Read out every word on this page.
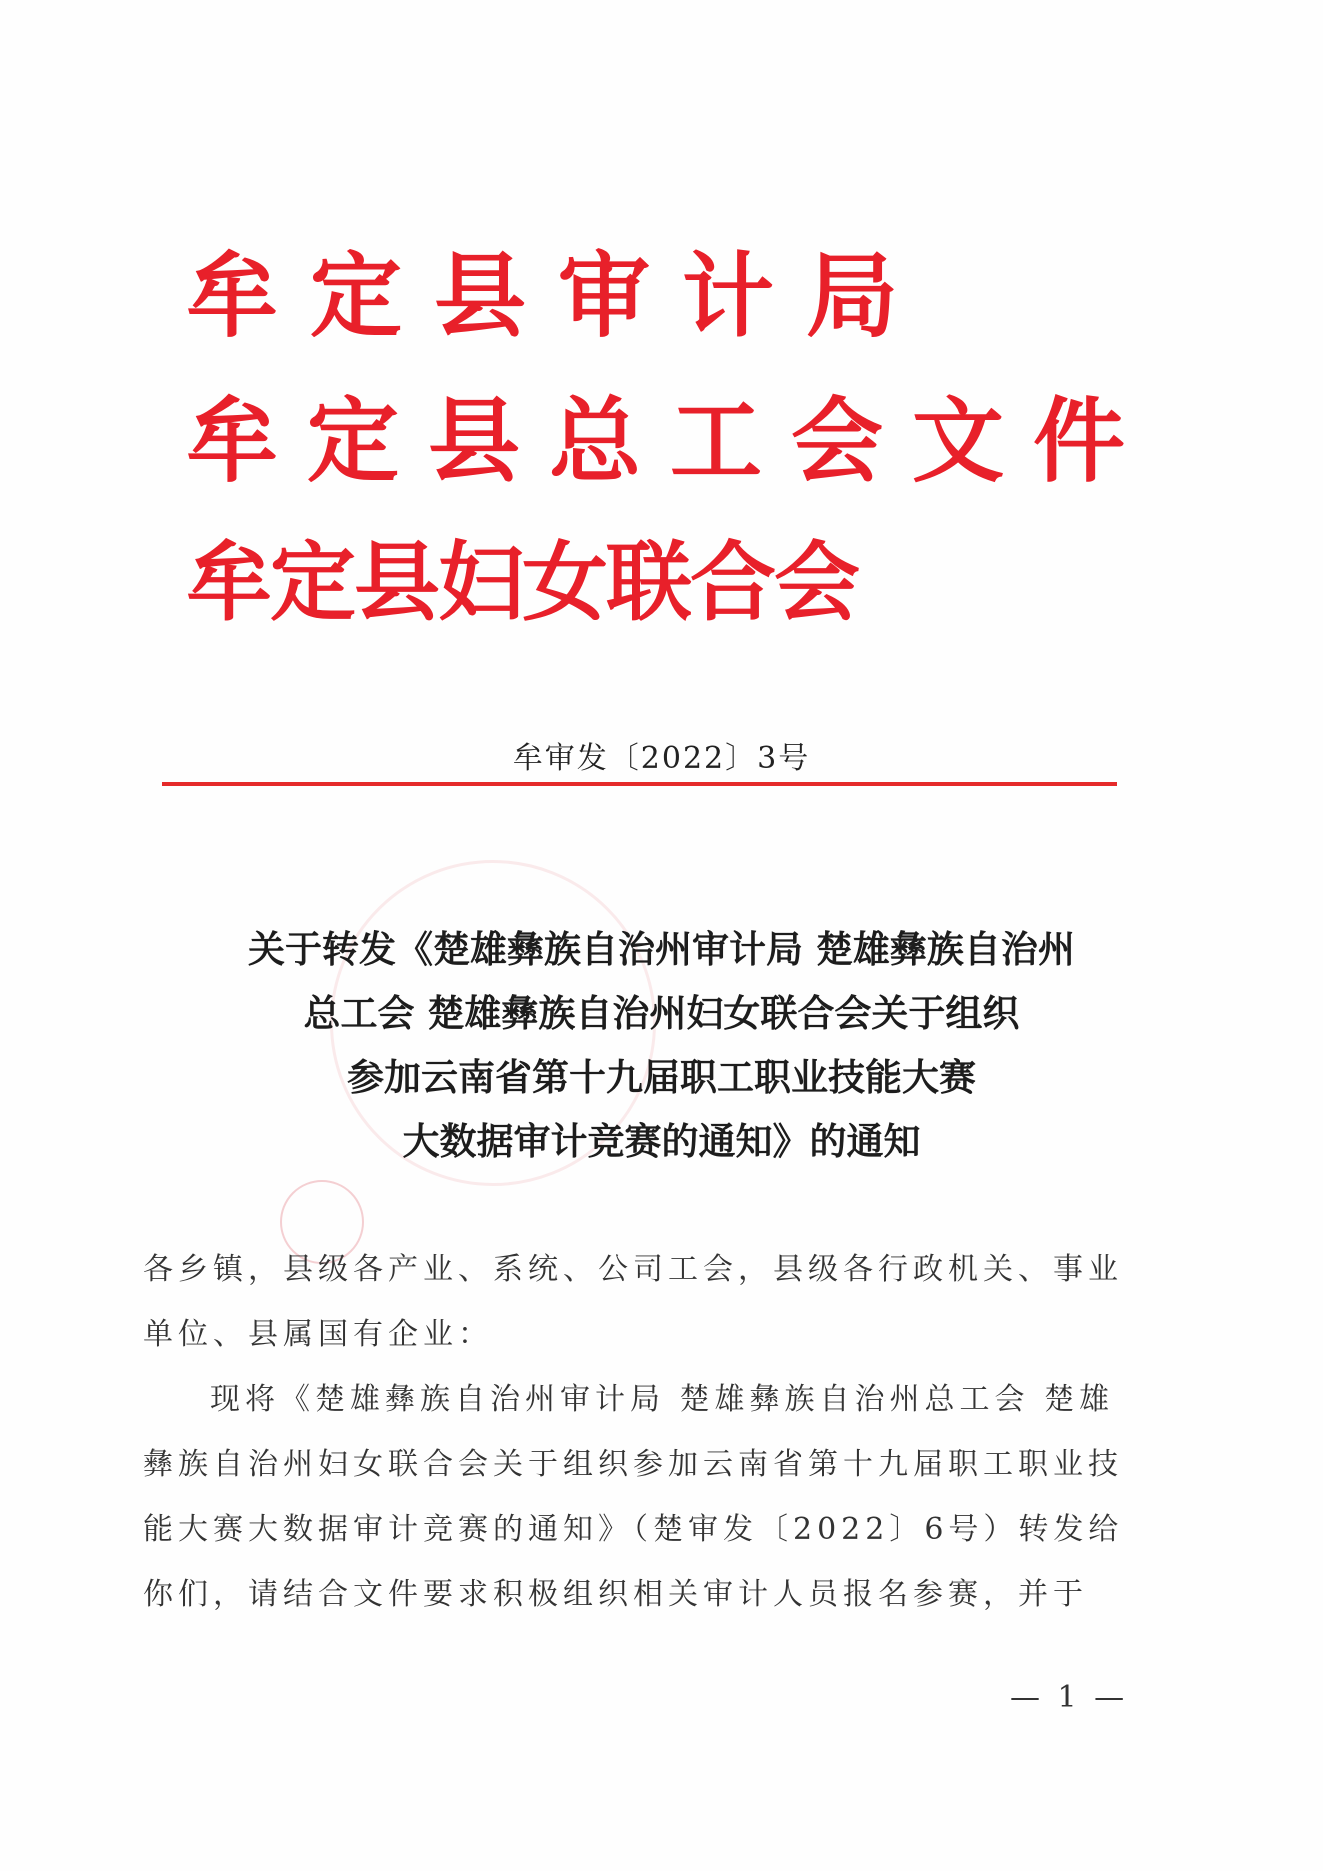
牟定县审计局
牟定县总工会文件
牟定县妇女联合会
牟审发〔2022〕3号
关于转发《楚雄彝族自治州审计局 楚雄彝族自治州
总工会 楚雄彝族自治州妇女联合会关于组织
参加云南省第十九届职工职业技能大赛
大数据审计竞赛的通知》的通知
各乡镇，县级各产业、系统、公司工会，县级各行政机关、事业
单位、县属国有企业：
现将《楚雄彝族自治州审计局 楚雄彝族自治州总工会 楚雄
彝族自治州妇女联合会关于组织参加云南省第十九届职工职业技
能大赛大数据审计竞赛的通知》（楚审发〔2022〕6号）转发给
你们，请结合文件要求积极组织相关审计人员报名参赛，并于
— 1 —
